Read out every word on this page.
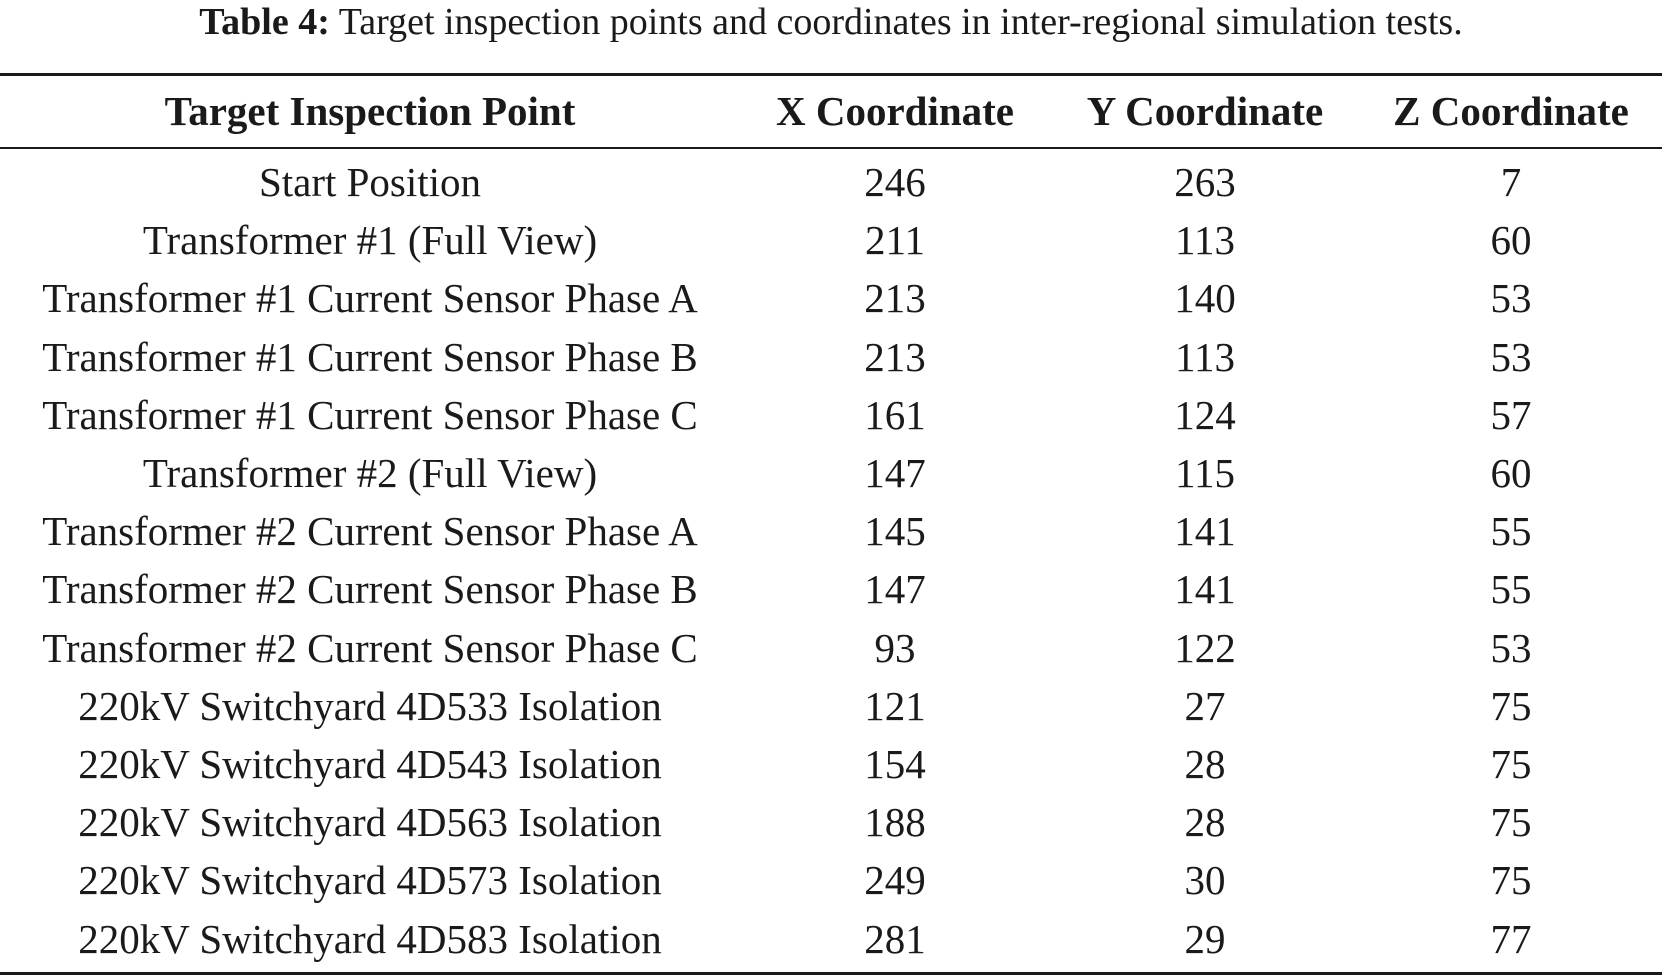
Table 4: Target inspection points and coordinates in inter-regional simulation tests.
Target Inspection Point	X Coordinate	Y Coordinate	Z Coordinate
Start Position	246	263	7
Transformer #1 (Full View)	211	113	60
Transformer #1 Current Sensor Phase A	213	140	53
Transformer #1 Current Sensor Phase B	213	113	53
Transformer #1 Current Sensor Phase C	161	124	57
Transformer #2 (Full View)	147	115	60
Transformer #2 Current Sensor Phase A	145	141	55
Transformer #2 Current Sensor Phase B	147	141	55
Transformer #2 Current Sensor Phase C	93	122	53
220kV Switchyard 4D533 Isolation	121	27	75
220kV Switchyard 4D543 Isolation	154	28	75
220kV Switchyard 4D563 Isolation	188	28	75
220kV Switchyard 4D573 Isolation	249	30	75
220kV Switchyard 4D583 Isolation	281	29	77
